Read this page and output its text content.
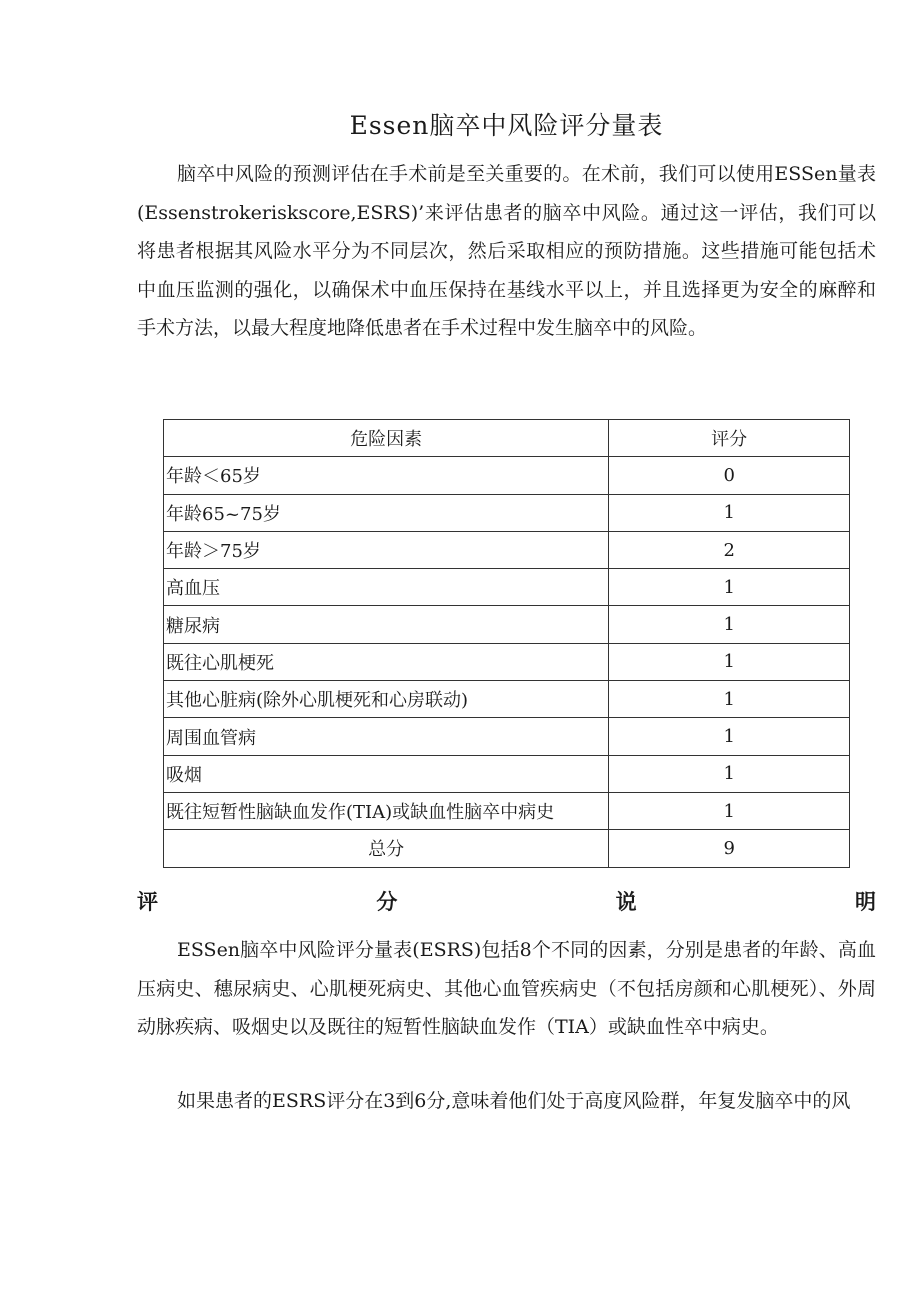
Essen脑卒中风险评分量表

脑卒中风险的预测评估在手术前是至关重要的。在术前，我们可以使用ESSen量表(Essenstrokeriskscore,ESRS)’来评估患者的脑卒中风险。通过这一评估，我们可以将患者根据其风险水平分为不同层次，然后采取相应的预防措施。这些措施可能包括术中血压监测的强化，以确保术中血压保持在基线水平以上，并且选择更为安全的麻醉和手术方法，以最大程度地降低患者在手术过程中发生脑卒中的风险。

危险因素	评分
年龄＜65岁	0
年龄65~75岁	1
年龄＞75岁	2
高血压	1
糖尿病	1
既往心肌梗死	1
其他心脏病(除外心肌梗死和心房联动)	1
周围血管病	1
吸烟	1
既往短暂性脑缺血发作(TIA)或缺血性脑卒中病史	1
总分	9
评	分	说	明

ESSen脑卒中风险评分量表(ESRS)包括8个不同的因素，分别是患者的年龄、高血压病史、穗尿病史、心肌梗死病史、其他心血管疾病史（不包括房颜和心肌梗死）、外周动脉疾病、吸烟史以及既往的短暂性脑缺血发作（TIA）或缺血性卒中病史。

如果患者的ESRS评分在3到6分,意味着他们处于高度风险群，年复发脑卒中的风
